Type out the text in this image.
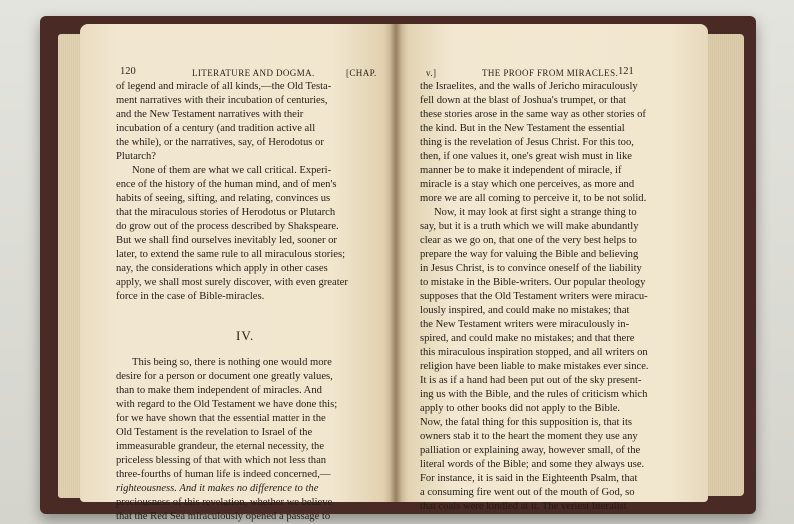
120	LITERATURE AND DOGMA.	[CHAP.	v.]	THE PROOF FROM MIRACLES. 121
of legend and miracle of all kinds,—the Old Testa-
ment narratives with their incubation of centuries,
and the New Testament narratives with their
incubation of a century (and tradition active all
the while), or the narratives, say, of Herodotus or
Plutarch?
None of them are what we call critical. Experi-
ence of the history of the human mind, and of men's
habits of seeing, sifting, and relating, convinces us
that the miraculous stories of Herodotus or Plutarch
do grow out of the process described by Shakspeare.
But we shall find ourselves inevitably led, sooner or
later, to extend the same rule to all miraculous stories;
nay, the considerations which apply in other cases
apply, we shall most surely discover, with even greater
force in the case of Bible-miracles.
IV.
This being so, there is nothing one would more
desire for a person or document one greatly values,
than to make them independent of miracles. And
with regard to the Old Testament we have done this;
for we have shown that the essential matter in the
Old Testament is the revelation to Israel of the
immeasurable grandeur, the eternal necessity, the
priceless blessing of that with which not less than
three-fourths of human life is indeed concerned,—
righteousness. And it makes no difference to the
preciousness of this revelation, whether we believe
that the Red Sea miraculously opened a passage to
the Israelites, and the walls of Jericho miraculously
fell down at the blast of Joshua's trumpet, or that
these stories arose in the same way as other stories of
the kind. But in the New Testament the essential
thing is the revelation of Jesus Christ. For this too,
then, if one values it, one's great wish must in like
manner be to make it independent of miracle, if
miracle is a stay which one perceives, as more and
more we are all coming to perceive it, to be not solid.
Now, it may look at first sight a strange thing to
say, but it is a truth which we will make abundantly
clear as we go on, that one of the very best helps to
prepare the way for valuing the Bible and believing
in Jesus Christ, is to convince oneself of the liability
to mistake in the Bible-writers. Our popular theology
supposes that the Old Testament writers were miracu-
lously inspired, and could make no mistakes; that
the New Testament writers were miraculously in-
spired, and could make no mistakes; and that there
this miraculous inspiration stopped, and all writers on
religion have been liable to make mistakes ever since.
It is as if a hand had been put out of the sky present-
ing us with the Bible, and the rules of criticism which
apply to other books did not apply to the Bible.
Now, the fatal thing for this supposition is, that its
owners stab it to the heart the moment they use any
palliation or explaining away, however small, of the
literal words of the Bible; and some they always use.
For instance, it is said in the Eighteenth Psalm, that
a consuming fire went out of the mouth of God, so
that coals were kindled at it. The veriest literalist
